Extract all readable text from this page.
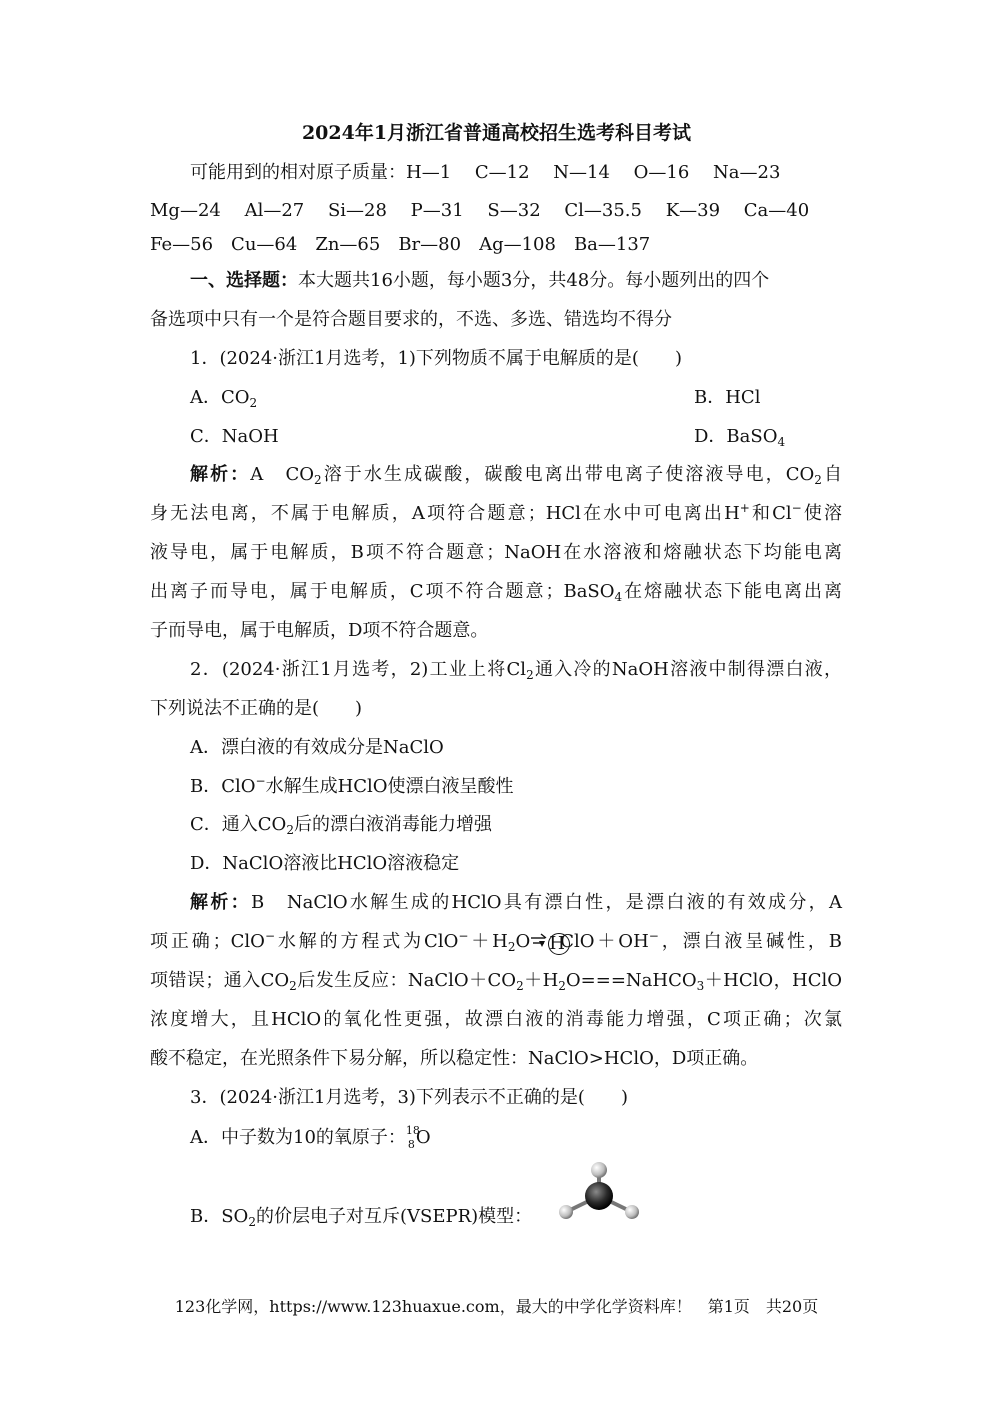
2024年1月浙江省普通高校招生选考科目考试
可能用到的相对原子质量：H—1　 C—12　 N—14　 O—16　 Na—23
Mg—24　 Al—27　 Si—28　 P—31　 S—32　 Cl—35.5　 K—39　 Ca—40
Fe—56　Cu—64　Zn—65　Br—80　Ag—108　Ba—137
一、选择题：本大题共16小题，每小题3分，共48分。每小题列出的四个
备选项中只有一个是符合题目要求的，不选、多选、错选均不得分
1．(2024·浙江1月选考，1)下列物质不属于电解质的是(　　)
A．$CO_2$	B．HCl
C．NaOH	D．BaSO$_4$
解析：A　$CO_2$溶于水生成碳酸，碳酸电离出带电离子使溶液导电，$CO_2$自
身无法电离，不属于电解质，A项符合题意；HCl在水中可电离出H+和Cl−使溶
液导电，属于电解质，B项不符合题意；NaOH在水溶液和熔融状态下均能电离
出离子而导电，属于电解质，C项不符合题意；BaSO$_4$在熔融状态下能电离出离
子而导电，属于电解质，D项不符合题意。
2．(2024·浙江1月选考，2)工业上将$Cl_2$通入冷的NaOH溶液中制得漂白液，
下列说法不正确的是(　　)
A．漂白液的有效成分是NaClO
B．ClO−水解生成HClO使漂白液呈酸性
C．通入$CO_2$后的漂白液消毒能力增强
D．NaClO溶液比HClO溶液稳定
解析：B　NaClO水解生成的HClO具有漂白性，是漂白液的有效成分，A
项正确；ClO−水解的方程式为$ClO^-+H_2O$ HClO＋OH−，漂白液呈碱性，B
项错误；通入$CO_2$后发生反应：$NaClO+CO_2+H_2O===NaHCO_3+HClO$，HClO
浓度增大，且HClO的氧化性更强，故漂白液的消毒能力增强，C项正确；次氯
酸不稳定，在光照条件下易分解，所以稳定性：NaClO>HClO，D项正确。
3．(2024·浙江1月选考，3)下列表示不正确的是(　　)
A．中子数为10的氧原子： 18
8 O
B．$SO_2$的价层电子对互斥(VSEPR)模型：
123化学网，https://www.123huaxue.com，最大的中学化学资料库！　第1页　共20页
